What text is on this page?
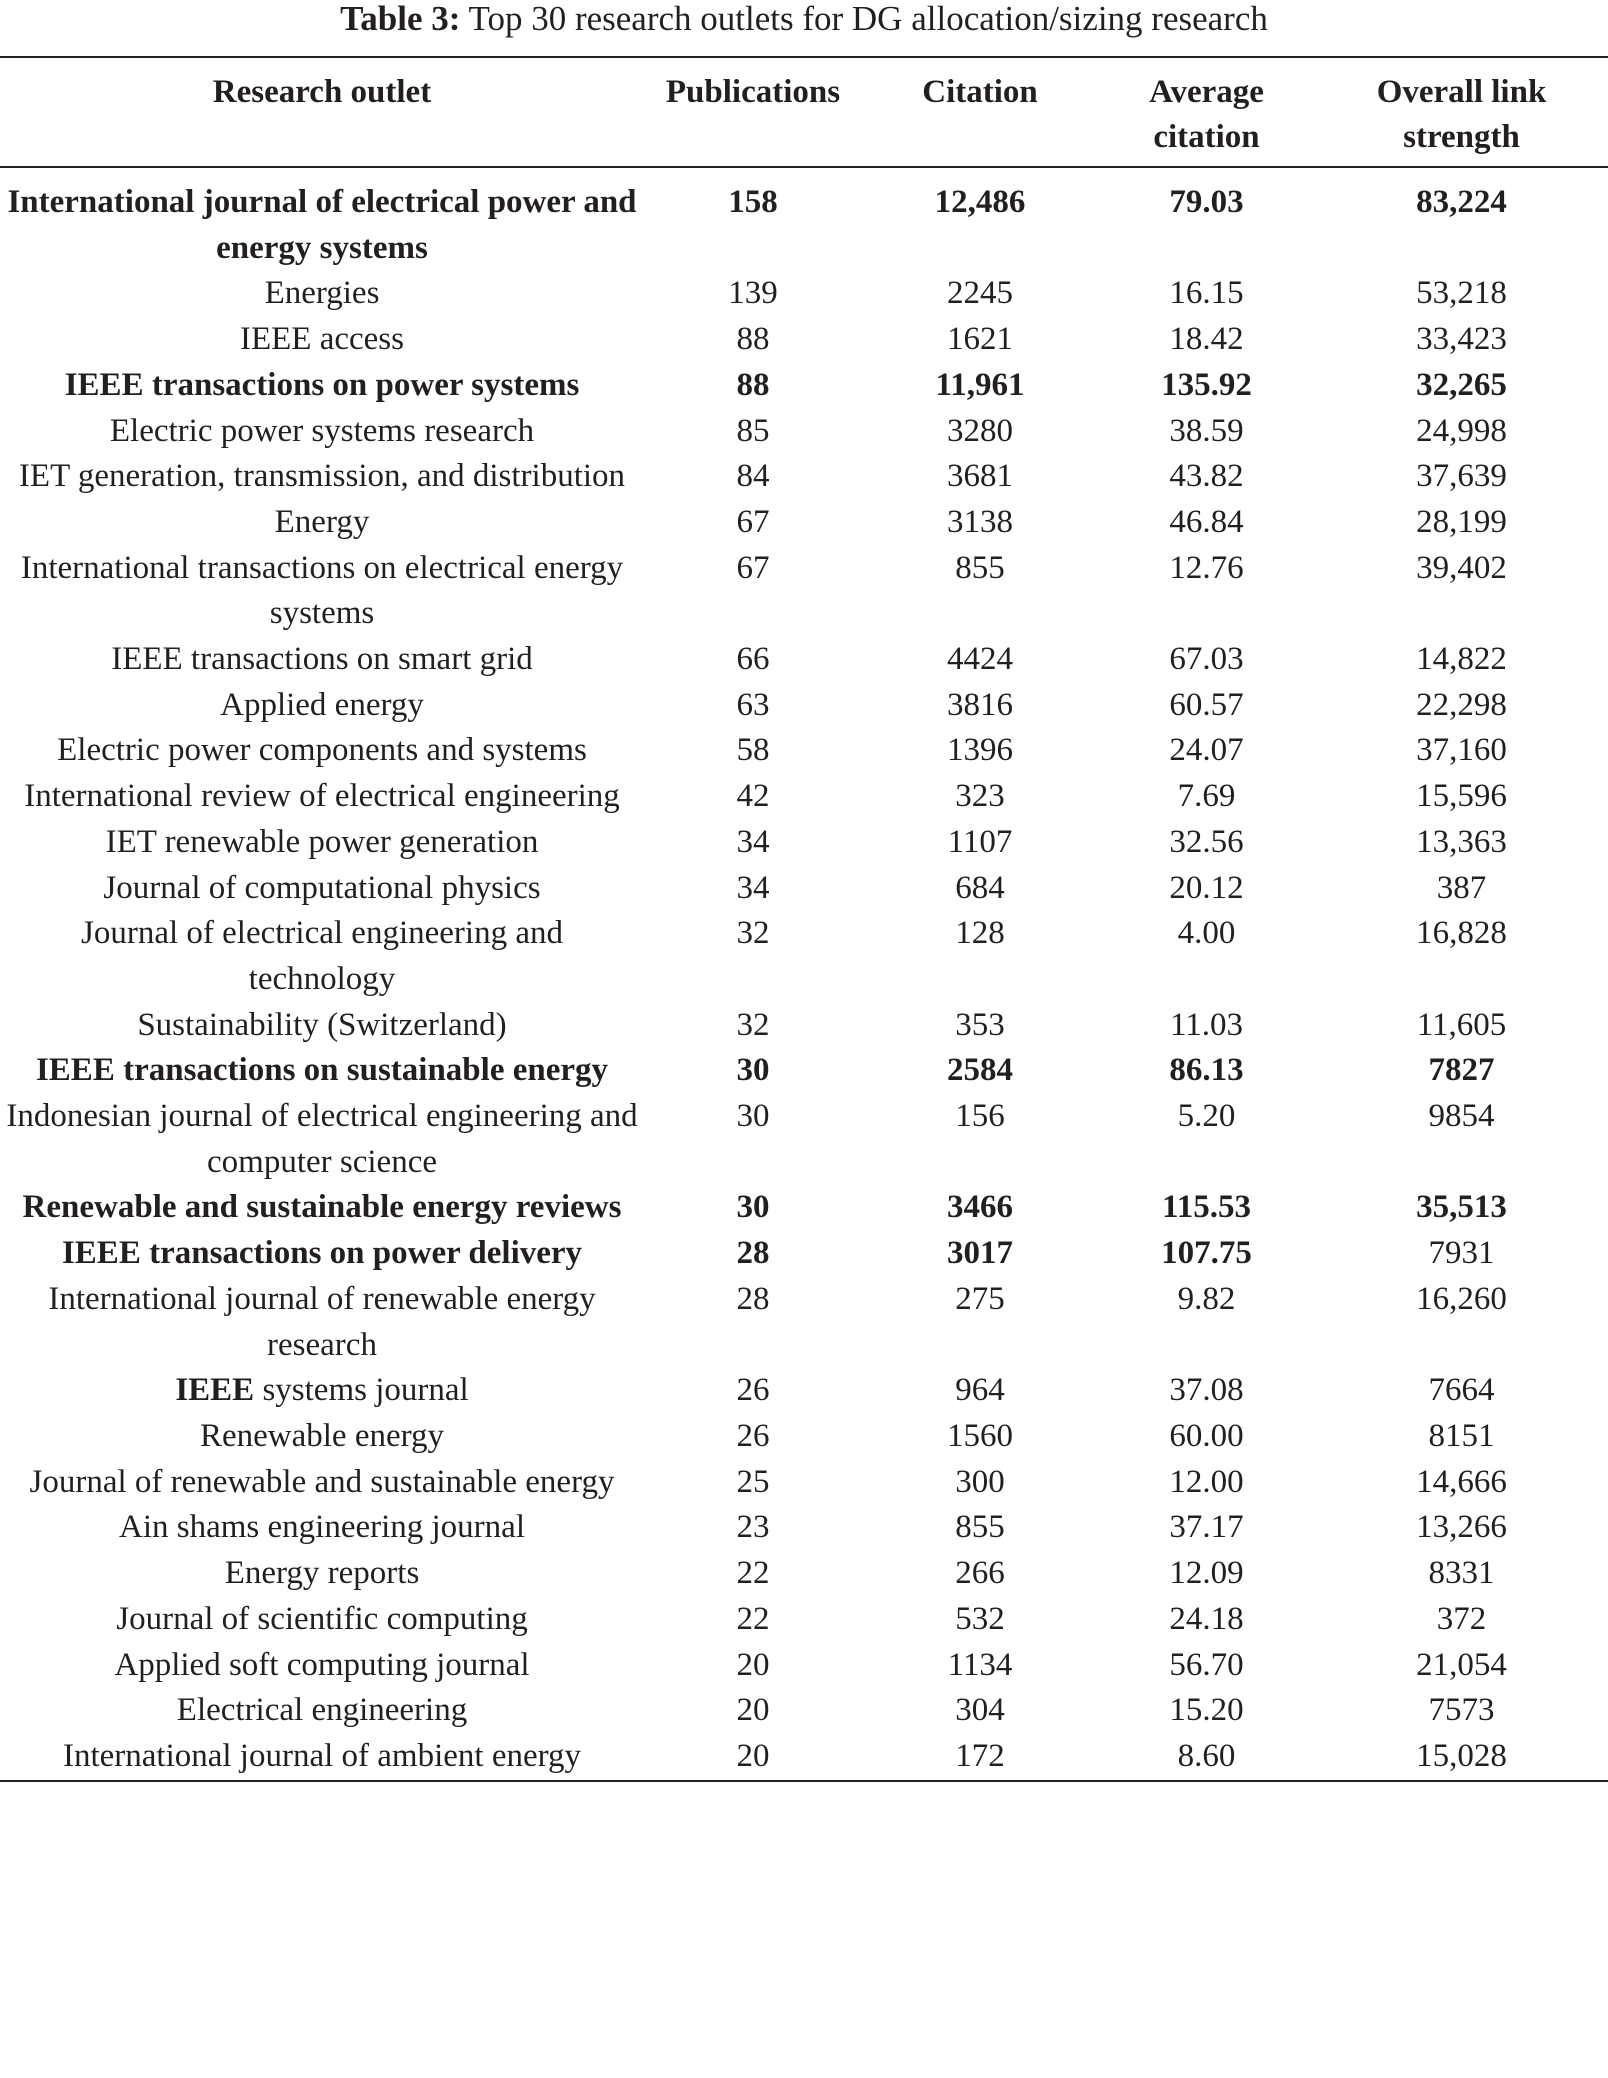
Table 3: Top 30 research outlets for DG allocation/sizing research
Research outlet	Publications	Citation	Average citation	Overall link strength
International journal of electrical power and energy systems	158	12,486	79.03	83,224
Energies	139	2245	16.15	53,218
IEEE access	88	1621	18.42	33,423
IEEE transactions on power systems	88	11,961	135.92	32,265
Electric power systems research	85	3280	38.59	24,998
IET generation, transmission, and distribution	84	3681	43.82	37,639
Energy	67	3138	46.84	28,199
International transactions on electrical energy systems	67	855	12.76	39,402
IEEE transactions on smart grid	66	4424	67.03	14,822
Applied energy	63	3816	60.57	22,298
Electric power components and systems	58	1396	24.07	37,160
International review of electrical engineering	42	323	7.69	15,596
IET renewable power generation	34	1107	32.56	13,363
Journal of computational physics	34	684	20.12	387
Journal of electrical engineering and technology	32	128	4.00	16,828
Sustainability (Switzerland)	32	353	11.03	11,605
IEEE transactions on sustainable energy	30	2584	86.13	7827
Indonesian journal of electrical engineering and computer science	30	156	5.20	9854
Renewable and sustainable energy reviews	30	3466	115.53	35,513
IEEE transactions on power delivery	28	3017	107.75	7931
International journal of renewable energy research	28	275	9.82	16,260
IEEE systems journal	26	964	37.08	7664
Renewable energy	26	1560	60.00	8151
Journal of renewable and sustainable energy	25	300	12.00	14,666
Ain shams engineering journal	23	855	37.17	13,266
Energy reports	22	266	12.09	8331
Journal of scientific computing	22	532	24.18	372
Applied soft computing journal	20	1134	56.70	21,054
Electrical engineering	20	304	15.20	7573
International journal of ambient energy	20	172	8.60	15,028
